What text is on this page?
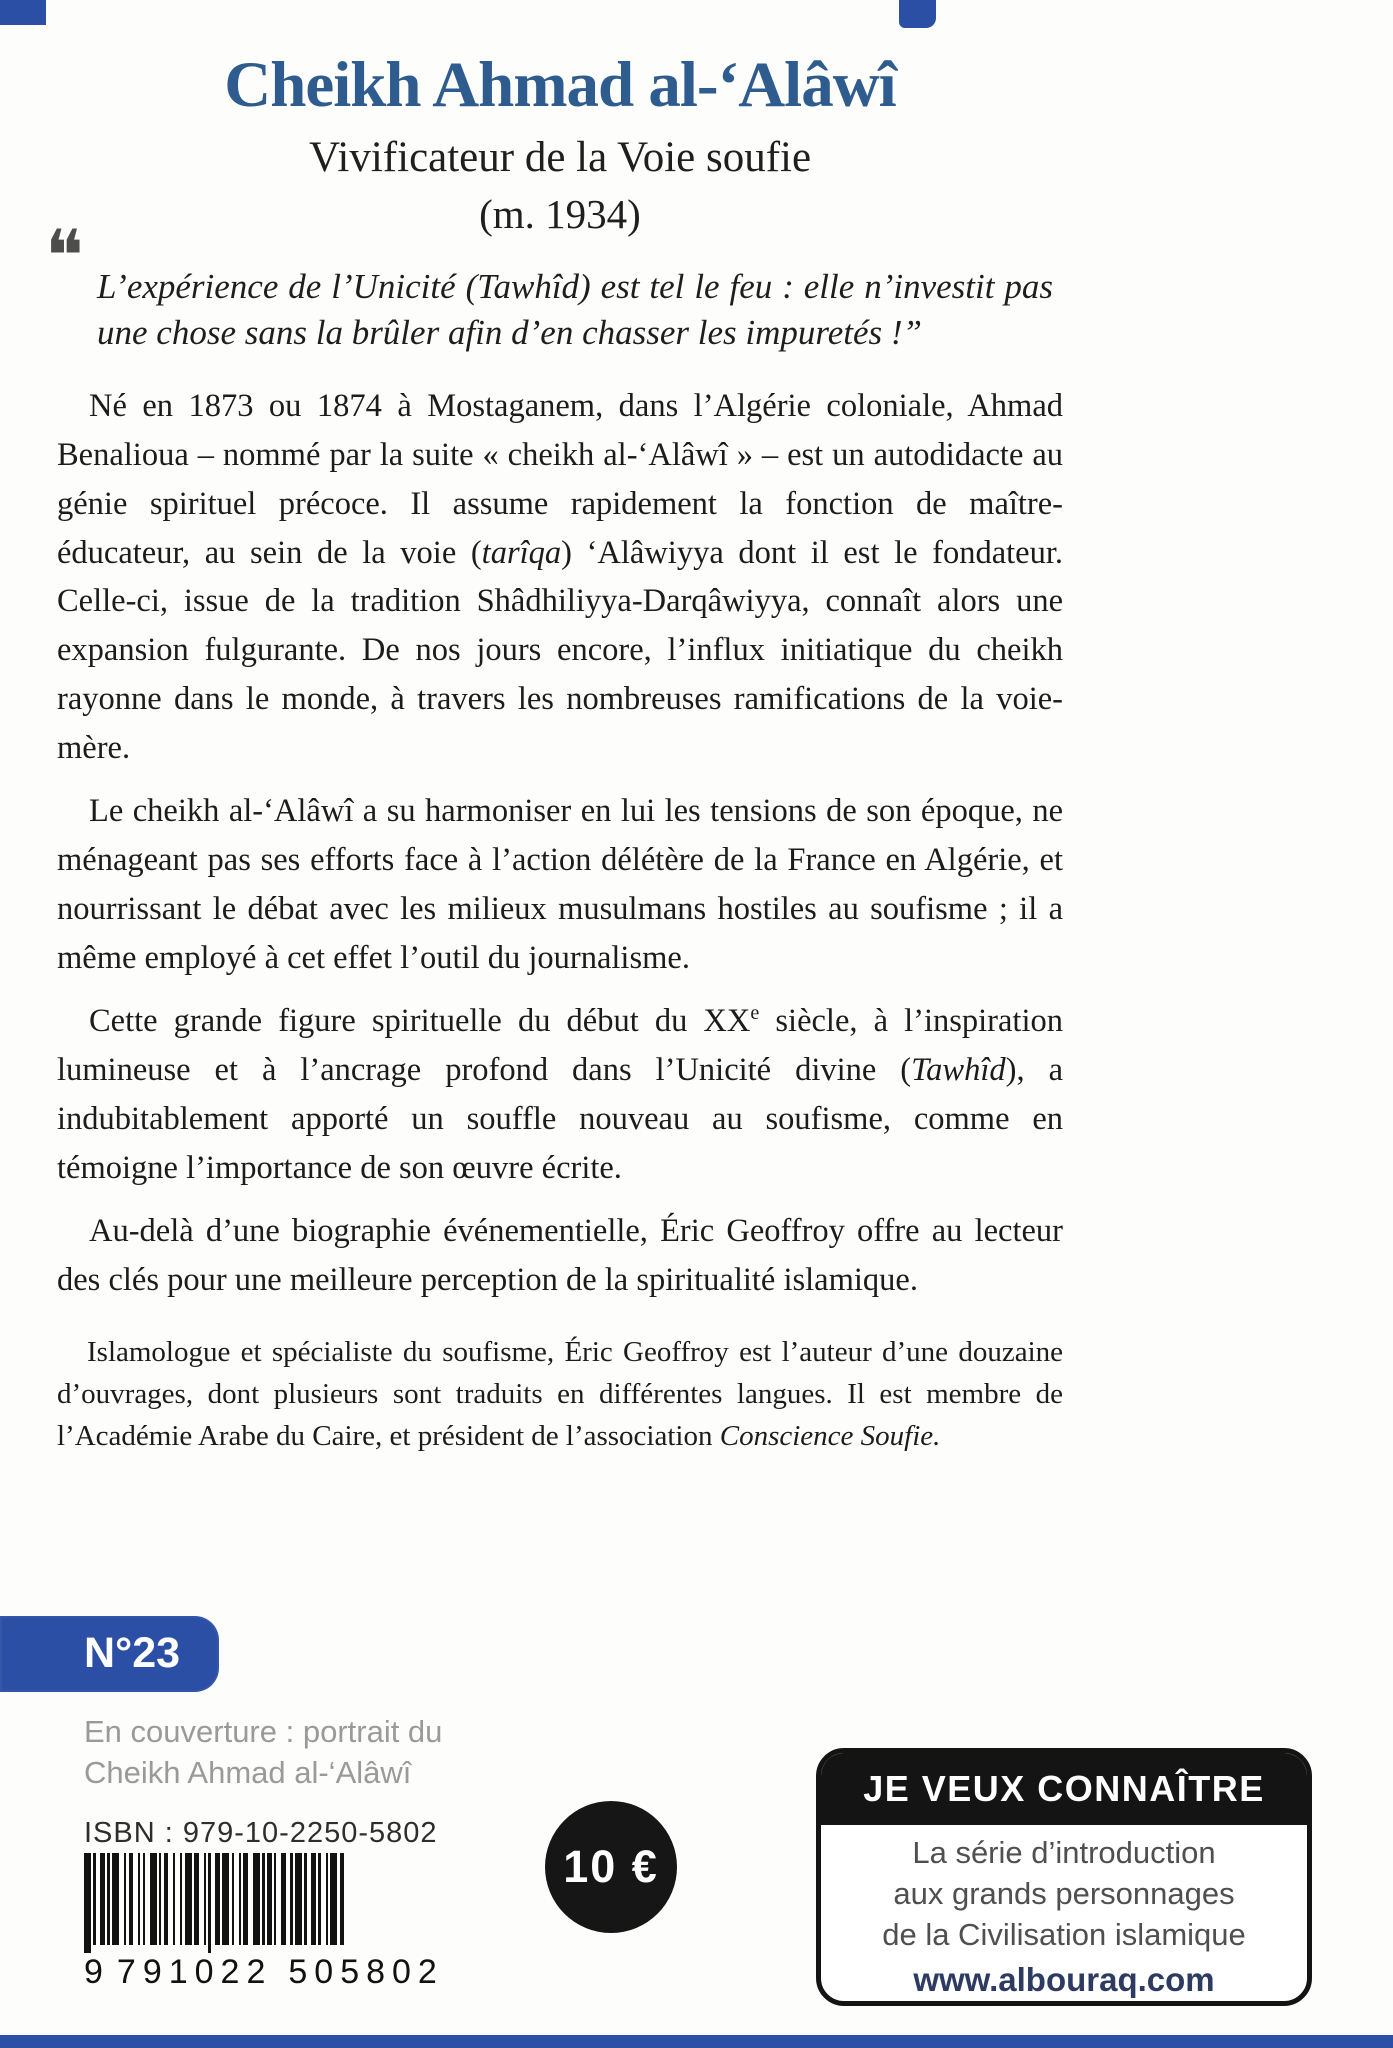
Cheikh Ahmad al-‘Alâwî

Vivificateur de la Voie soufie

(m. 1934)

❝ L’expérience de l’Unicité (Tawhîd) est tel le feu : elle n’investit pas une chose sans la brûler afin d’en chasser les impuretés !”

Né en 1873 ou 1874 à Mostaganem, dans l’Algérie coloniale, Ahmad Benalioua – nommé par la suite « cheikh al-‘Alâwî » – est un autodidacte au génie spirituel précoce. Il assume rapidement la fonction de maître-éducateur, au sein de la voie (tarîqa) ‘Alâwiyya dont il est le fondateur. Celle-ci, issue de la tradition Shâdhiliyya-Darqâwiyya, connaît alors une expansion fulgurante. De nos jours encore, l’influx initiatique du cheikh rayonne dans le monde, à travers les nombreuses ramifications de la voie-mère.

Le cheikh al-‘Alâwî a su harmoniser en lui les tensions de son époque, ne ménageant pas ses efforts face à l’action délétère de la France en Algérie, et nourrissant le débat avec les milieux musulmans hostiles au soufisme ; il a même employé à cet effet l’outil du journalisme.

Cette grande figure spirituelle du début du XXe siècle, à l’inspiration lumineuse et à l’ancrage profond dans l’Unicité divine (Tawhîd), a indubitablement apporté un souffle nouveau au soufisme, comme en témoigne l’importance de son œuvre écrite.

Au-delà d’une biographie événementielle, Éric Geoffroy offre au lecteur des clés pour une meilleure perception de la spiritualité islamique.

Islamologue et spécialiste du soufisme, Éric Geoffroy est l’auteur d’une douzaine d’ouvrages, dont plusieurs sont traduits en différentes langues. Il est membre de l’Académie Arabe du Caire, et président de l’association Conscience Soufie.

N°23
En couverture : portrait du
Cheikh Ahmad al-‘Alâwî
ISBN : 979-10-2250-5802
9 791022 505802
10 €
JE VEUX CONNAÎTRE
La série d’introduction
aux grands personnages
de la Civilisation islamique
www.albouraq.com
